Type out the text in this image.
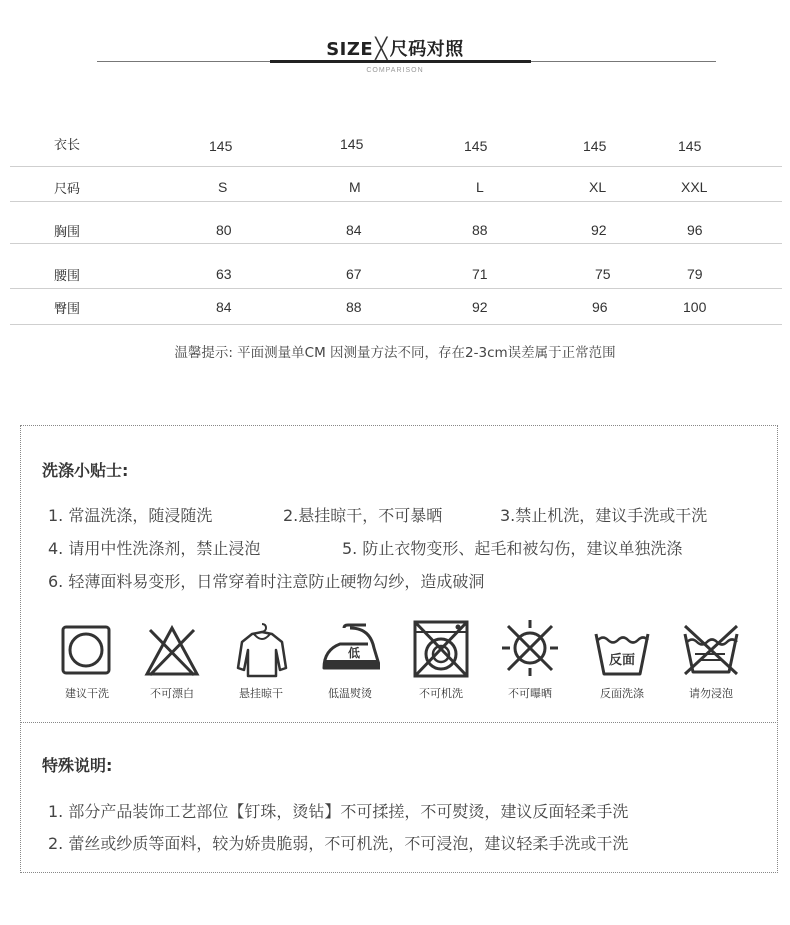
SIZE ╳ 尺码对照
COMPARISON
衣长	145	145	145	145	145
尺码	S	M	L	XL	XXL
胸围	80	84	88	92	96
腰围	63	67	71	75	79
臀围	84	88	92	96	100
温馨提示: 平面测量单CM 因测量方法不同，存在2-3cm误差属于正常范围
洗涤小贴士:
1. 常温洗涤，随浸随洗	2.悬挂晾干，不可暴晒	3.禁止机洗，建议手洗或干洗
4. 请用中性洗涤剂，禁止浸泡	5. 防止衣物变形、起毛和被勾伤，建议单独洗涤
6. 轻薄面料易变形，日常穿着时注意防止硬物勾纱，造成破洞
建议干洗	不可漂白	悬挂晾干
低
低温熨烫	不可机洗	不可曝晒
反面
反面洗涤	请勿浸泡
特殊说明:
1. 部分产品装饰工艺部位【钉珠，烫钻】不可揉搓，不可熨烫，建议反面轻柔手洗
2. 蕾丝或纱质等面料，较为娇贵脆弱，不可机洗，不可浸泡，建议轻柔手洗或干洗
